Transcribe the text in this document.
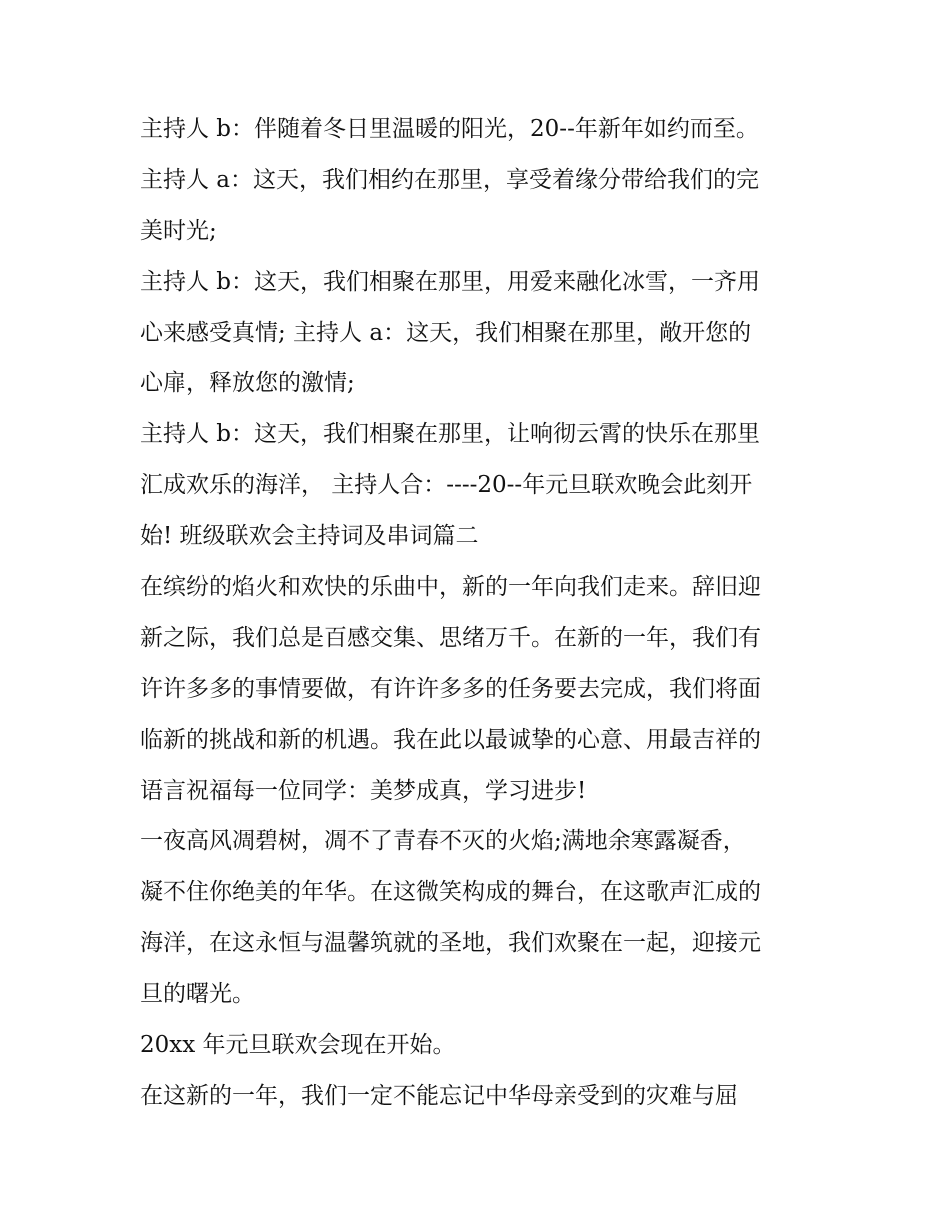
主持人 b：伴随着冬日里温暖的阳光，20--年新年如约而至。
主持人 a：这天，我们相约在那里，享受着缘分带给我们的完
美时光;
主持人 b：这天，我们相聚在那里，用爱来融化冰雪，一齐用
心来感受真情; 主持人 a：这天，我们相聚在那里，敞开您的
心扉，释放您的激情;
主持人 b：这天，我们相聚在那里，让响彻云霄的快乐在那里
汇成欢乐的海洋， 主持人合：----20--年元旦联欢晚会此刻开
始! 班级联欢会主持词及串词篇二
在缤纷的焰火和欢快的乐曲中，新的一年向我们走来。辞旧迎
新之际，我们总是百感交集、思绪万千。在新的一年，我们有
许许多多的事情要做，有许许多多的任务要去完成，我们将面
临新的挑战和新的机遇。我在此以最诚挚的心意、用最吉祥的
语言祝福每一位同学：美梦成真，学习进步!
一夜高风凋碧树，凋不了青春不灭的火焰;满地余寒露凝香，
凝不住你绝美的年华。在这微笑构成的舞台，在这歌声汇成的
海洋，在这永恒与温馨筑就的圣地，我们欢聚在一起，迎接元
旦的曙光。
20xx 年元旦联欢会现在开始。
在这新的一年，我们一定不能忘记中华母亲受到的灾难与屈
